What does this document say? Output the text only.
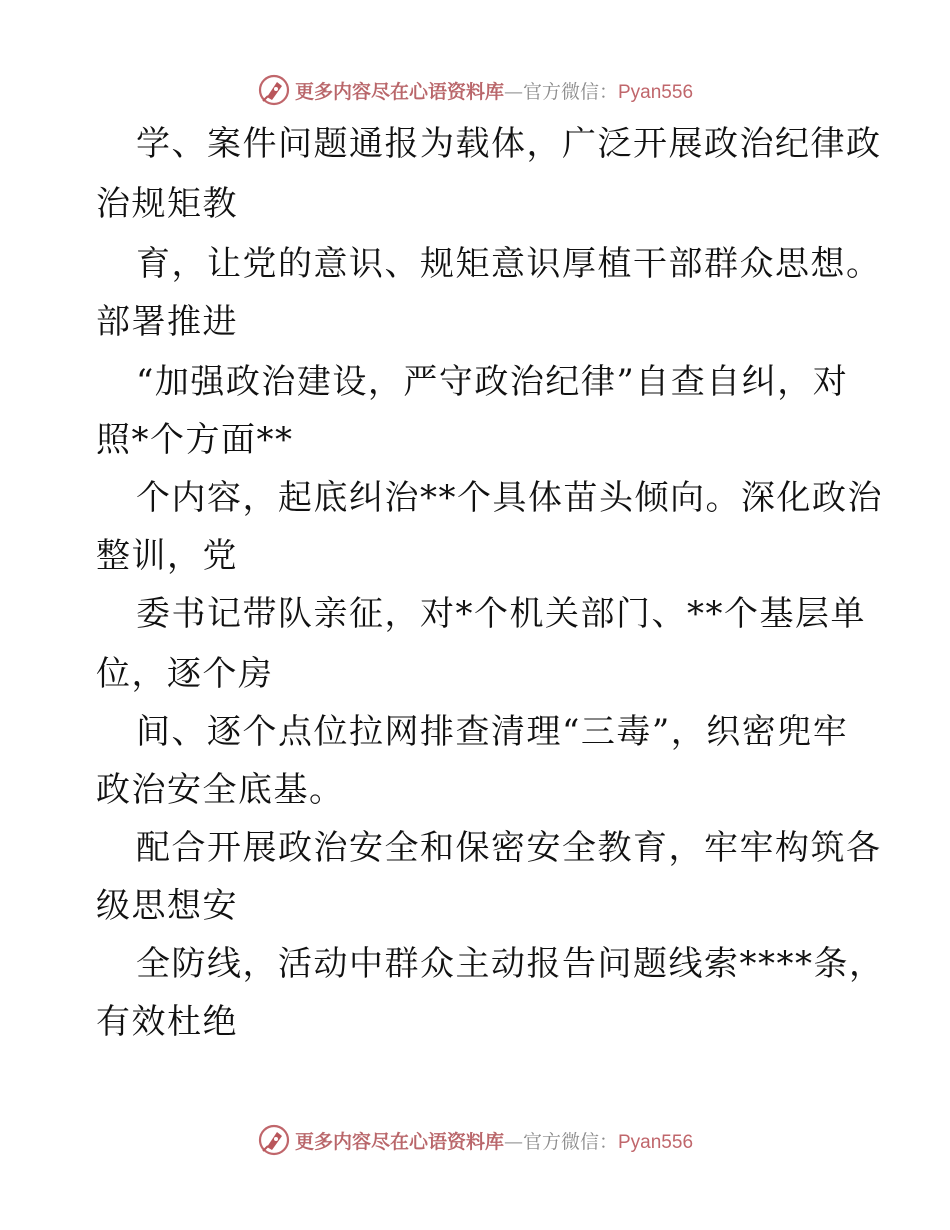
更多内容尽在心语资料库—官方微信：Pyan556
学、案件问题通报为载体，广泛开展政治纪律政
治规矩教
育，让党的意识、规矩意识厚植干部群众思想。
部署推进
“加强政治建设，严守政治纪律”自查自纠，对
照*个方面**
个内容，起底纠治**个具体苗头倾向。深化政治
整训，党
委书记带队亲征，对*个机关部门、**个基层单
位，逐个房
间、逐个点位拉网排查清理“三毒”，织密兜牢
政治安全底基。
配合开展政治安全和保密安全教育，牢牢构筑各
级思想安
全防线，活动中群众主动报告问题线索****条，
有效杜绝
更多内容尽在心语资料库—官方微信：Pyan556
